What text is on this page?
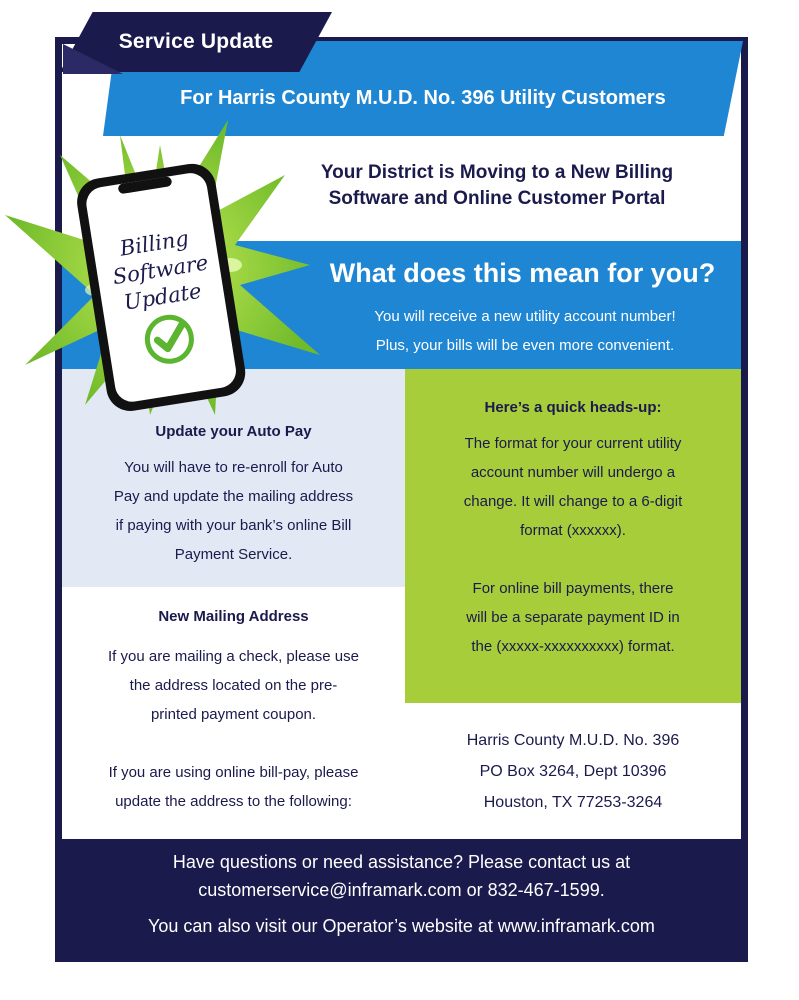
For Harris County M.U.D. No. 396 Utility Customers
Service Update
Your District is Moving to a New Billing
Software and Online Customer Portal
What does this mean for you?
You will receive a new utility account number!
Plus, your bills will be even more convenient.
Update your Auto Pay
You will have to re-enroll for Auto
Pay and update the mailing address
if paying with your bank’s online Bill
Payment Service.
Here’s a quick heads-up:
The format for your current utility
account number will undergo a
change. It will change to a 6-digit
format (xxxxxx).
For online bill payments, there
will be a separate payment ID in
the (xxxxx-xxxxxxxxxx) format.
New Mailing Address
If you are mailing a check, please use
the address located on the pre-
printed payment coupon.
If you are using online bill-pay, please
update the address to the following:
Harris County M.U.D. No. 396
PO Box 3264, Dept 10396
Houston, TX 77253-3264
Have questions or need assistance? Please contact us at
customerservice@inframark.com or 832-467-1599.
You can also visit our Operator’s website at www.inframark.com
Billing
Software
Update
